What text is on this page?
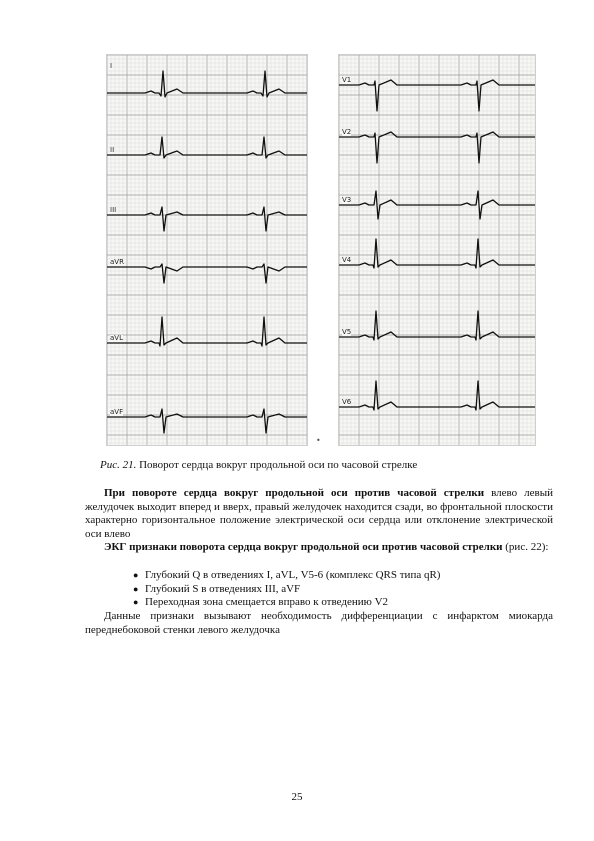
I
II
III
aVR
aVL
aVF
V1
V2
V3
V4
V5
V6
•
Рис. 21. Поворот сердца вокруг продольной оси по часовой стрелке
При повороте сердца вокруг продольной оси против часовой стрелки влево левый желудочек выходит вперед и вверх, правый желудочек находится сзади, во фронтальной плоскости характерно горизонтальное положение электрической оси сердца или отклонение электрической оси влево
ЭКГ признаки поворота сердца вокруг продольной оси против часовой стрелки (рис. 22):
● Глубокий Q в отведениях I, aVL, V5-6 (комплекс QRS типа qR)
● Глубокий S в отведениях III, aVF
● Переходная зона смещается вправо к отведению V2
Данные признаки вызывают необходимость дифференциации с инфарктом миокарда переднебоковой стенки левого желудочка
25
